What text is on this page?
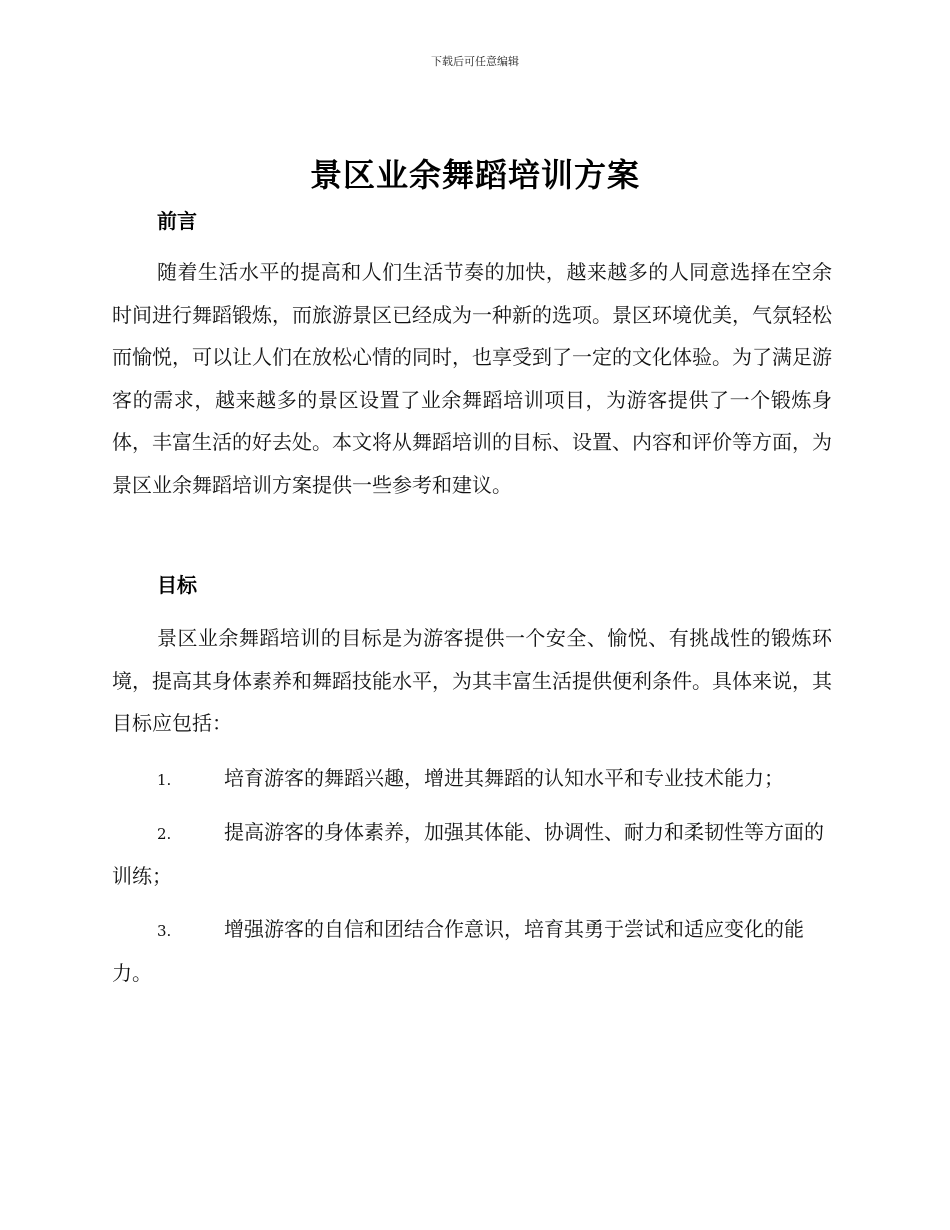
下载后可任意编辑
景区业余舞蹈培训方案
前言

随着生活水平的提高和人们生活节奏的加快，越来越多的人同意选择在空余时间进行舞蹈锻炼，而旅游景区已经成为一种新的选项。景区环境优美，气氛轻松而愉悦，可以让人们在放松心情的同时，也享受到了一定的文化体验。为了满足游客的需求，越来越多的景区设置了业余舞蹈培训项目，为游客提供了一个锻炼身体，丰富生活的好去处。本文将从舞蹈培训的目标、设置、内容和评价等方面，为景区业余舞蹈培训方案提供一些参考和建议。

目标

景区业余舞蹈培训的目标是为游客提供一个安全、愉悦、有挑战性的锻炼环境，提高其身体素养和舞蹈技能水平，为其丰富生活提供便利条件。具体来说，其目标应包括：

1.	培育游客的舞蹈兴趣，增进其舞蹈的认知水平和专业技术能力；

2.	提高游客的身体素养，加强其体能、协调性、耐力和柔韧性等方面的训练；

3.	增强游客的自信和团结合作意识，培育其勇于尝试和适应变化的能力。
